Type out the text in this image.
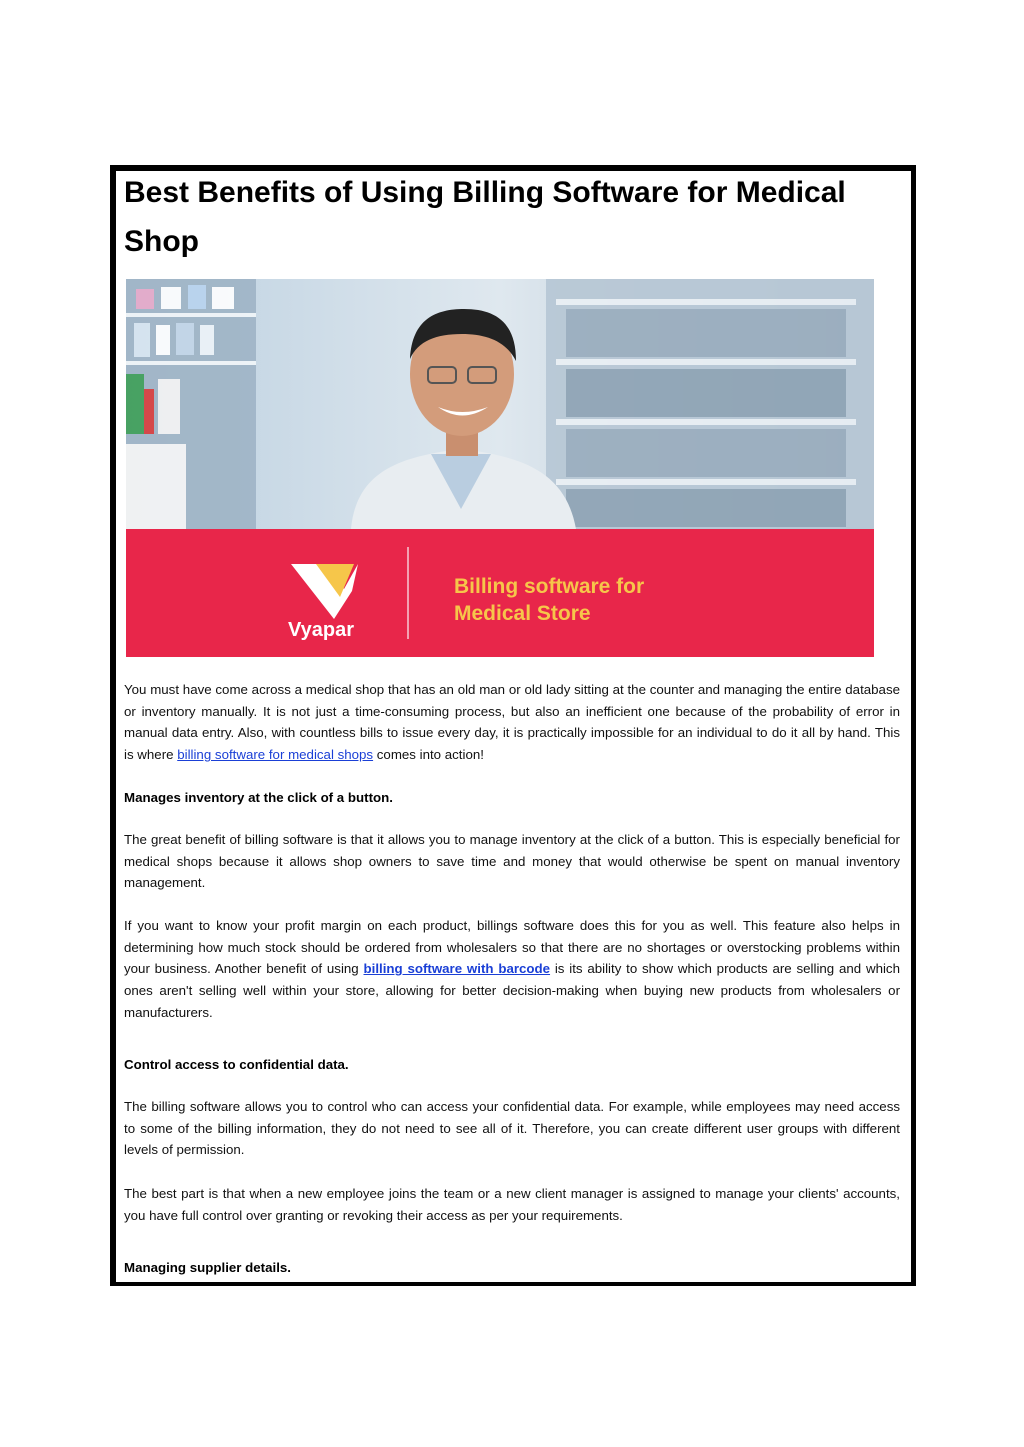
Best Benefits of Using Billing Software for Medical Shop
Vyapar
Billing software for
Medical Store

You must have come across a medical shop that has an old man or old lady sitting at the counter and managing the entire database or inventory manually. It is not just a time-consuming process, but also an inefficient one because of the probability of error in manual data entry. Also, with countless bills to issue every day, it is practically impossible for an individual to do it all by hand. This is where billing software for medical shops comes into action!

Manages inventory at the click of a button.

The great benefit of billing software is that it allows you to manage inventory at the click of a button. This is especially beneficial for medical shops because it allows shop owners to save time and money that would otherwise be spent on manual inventory management.

If you want to know your profit margin on each product, billings software does this for you as well. This feature also helps in determining how much stock should be ordered from wholesalers so that there are no shortages or overstocking problems within your business. Another benefit of using billing software with barcode is its ability to show which products are selling and which ones aren't selling well within your store, allowing for better decision-making when buying new products from wholesalers or manufacturers.

Control access to confidential data.

The billing software allows you to control who can access your confidential data. For example, while employees may need access to some of the billing information, they do not need to see all of it. Therefore, you can create different user groups with different levels of permission.

The best part is that when a new employee joins the team or a new client manager is assigned to manage your clients' accounts, you have full control over granting or revoking their access as per your requirements.

Managing supplier details.
